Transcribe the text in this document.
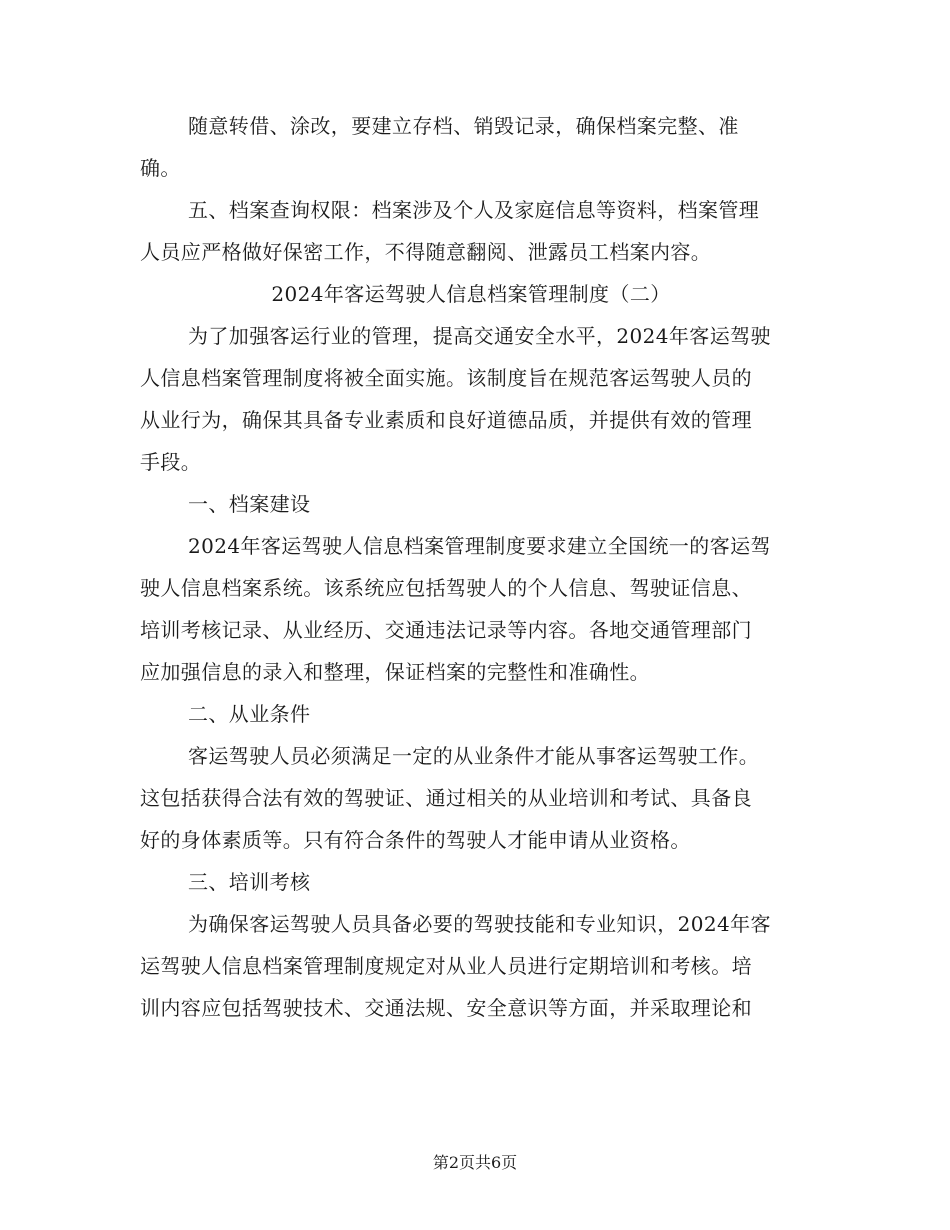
随意转借、涂改，要建立存档、销毁记录，确保档案完整、准
确。
五、档案查询权限：档案涉及个人及家庭信息等资料，档案管理
人员应严格做好保密工作，不得随意翻阅、泄露员工档案内容。
2024年客运驾驶人信息档案管理制度（二）
为了加强客运行业的管理，提高交通安全水平，2024年客运驾驶
人信息档案管理制度将被全面实施。该制度旨在规范客运驾驶人员的
从业行为，确保其具备专业素质和良好道德品质，并提供有效的管理
手段。
一、档案建设
2024年客运驾驶人信息档案管理制度要求建立全国统一的客运驾
驶人信息档案系统。该系统应包括驾驶人的个人信息、驾驶证信息、
培训考核记录、从业经历、交通违法记录等内容。各地交通管理部门
应加强信息的录入和整理，保证档案的完整性和准确性。
二、从业条件
客运驾驶人员必须满足一定的从业条件才能从事客运驾驶工作。
这包括获得合法有效的驾驶证、通过相关的从业培训和考试、具备良
好的身体素质等。只有符合条件的驾驶人才能申请从业资格。
三、培训考核
为确保客运驾驶人员具备必要的驾驶技能和专业知识，2024年客
运驾驶人信息档案管理制度规定对从业人员进行定期培训和考核。培
训内容应包括驾驶技术、交通法规、安全意识等方面，并采取理论和
第2页共6页
